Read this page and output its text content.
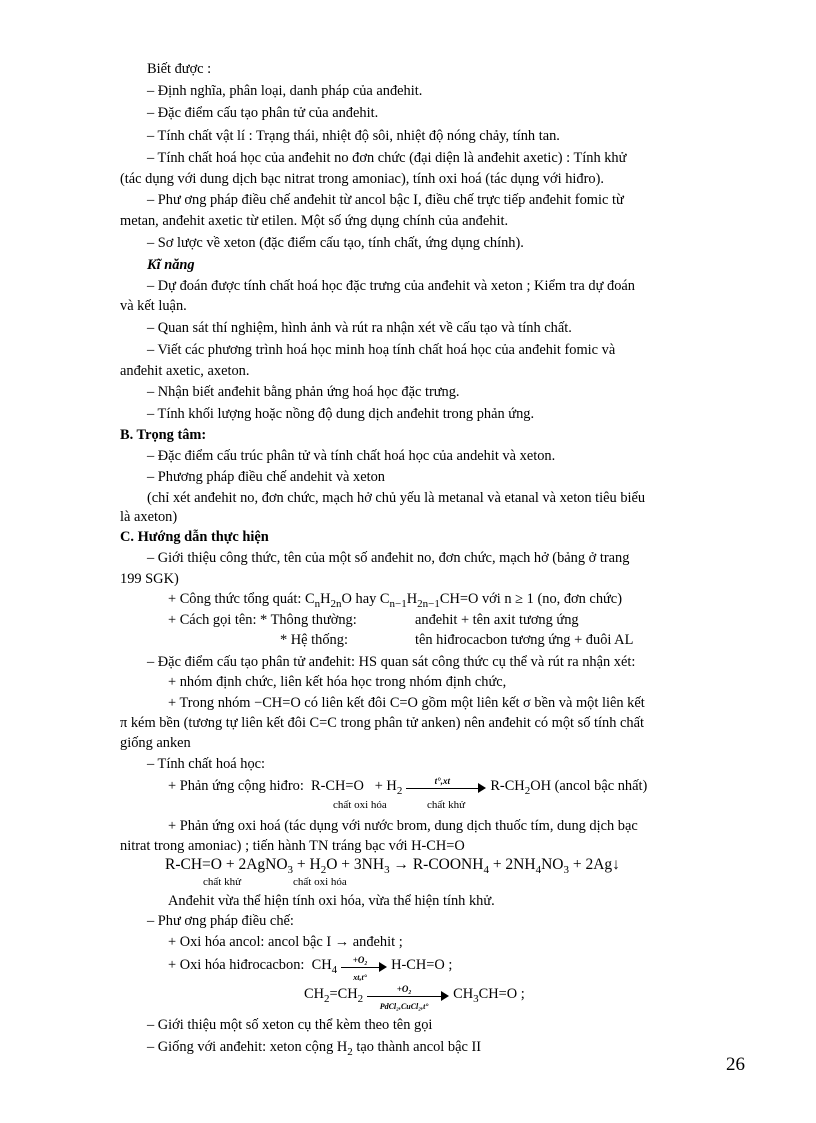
Biết được :
– Định nghĩa, phân loại, danh pháp của anđehit.
– Đặc điểm cấu tạo phân tử của anđehit.
– Tính chất vật lí : Trạng thái, nhiệt độ sôi, nhiệt độ nóng chảy, tính tan.
– Tính chất hoá học của anđehit no đơn chức (đại diện là anđehit axetic) : Tính khử
(tác dụng với dung dịch bạc nitrat trong amoniac), tính oxi hoá (tác dụng với hiđro).
– Phư ơng pháp điều chế anđehit từ ancol bậc I, điều chế trực tiếp anđehit fomic từ
metan, anđehit axetic từ etilen. Một số ứng dụng chính của anđehit.
– Sơ lược về xeton (đặc điểm cấu tạo, tính chất, ứng dụng chính).
Kĩ năng
– Dự đoán được tính chất hoá học đặc trưng của anđehit và xeton ; Kiểm tra dự đoán
và kết luận.
– Quan sát thí nghiệm, hình ảnh và rút ra nhận xét về cấu tạo và tính chất.
– Viết các phương trình hoá học minh hoạ tính chất hoá học của anđehit fomic và
anđehit axetic, axeton.
– Nhận biết anđehit bằng phản ứng hoá học đặc trưng.
– Tính khối lượng hoặc nồng độ dung dịch anđehit trong phản ứng.
B. Trọng tâm:
– Đặc điểm cấu trúc phân tử và tính chất hoá học của andehit và xeton.
– Phương pháp điều chế andehit và xeton
(chỉ xét anđehit no, đơn chức, mạch hở chủ yếu là metanal và etanal và xeton tiêu biểu
là axeton)
C. Hướng dẫn thực hiện
– Giới thiệu công thức, tên của một số anđehit no, đơn chức, mạch hở (bảng ở trang
199 SGK)
+ Công thức tổng quát: $C_nH_{2n}O$ hay $C_{n-1}H_{2n-1}CH=O$ với n ≥ 1 (no, đơn chức)
+ Cách gọi tên: * Thông thường:	anđehit + tên axit tương ứng
* Hệ thống:	tên hiđrocacbon tương ứng + đuôi AL
– Đặc điểm cấu tạo phân tử anđehit: HS quan sát công thức cụ thể và rút ra nhận xét:
+ nhóm định chức, liên kết hóa học trong nhóm định chức,
+ Trong nhóm −CH=O có liên kết đôi C=O gồm một liên kết σ bền và một liên kết
π kém bền (tương tự liên kết đôi C=C trong phân tử anken) nên anđehit có một số tính chất
giống anken
– Tính chất hoá học:
+ Phản ứng cộng hiđro:  $R-CH=O + H_2$
t°,xt	$R-CH_2OH$ (ancol bậc nhất)
chất oxi hóa	chất khử
+ Phản ứng oxi hoá (tác dụng với nước brom, dung dịch thuốc tím, dung dịch bạc
nitrat trong amoniac) ; tiến hành TN tráng bạc với H-CH=O
R-CH=O + 2AgNO$_3$ + $H_2O + 3NH_3$ → $R-COONH_4 + 2NH_4NO_3$ + 2Ag↓
chất khử	chất oxi hóa
Anđehit vừa thể hiện tính oxi hóa, vừa thể hiện tính khử.
– Phư ơng pháp điều chế:
+ Oxi hóa ancol: ancol bậc I → anđehit ;
+ Oxi hóa hiđrocacbon:  $CH_4 \frac{\text{+O₂}}{xt,t^\circ} H-CH=O$ ;
$CH_2=CH_2$
+O₂
PdCl₂,CuCl₂,t°
$CH_3CH=O$ ;
– Giới thiệu một số xeton cụ thể kèm theo tên gọi
– Giống với anđehit: xeton cộng $H_2$ tạo thành ancol bậc II
26
